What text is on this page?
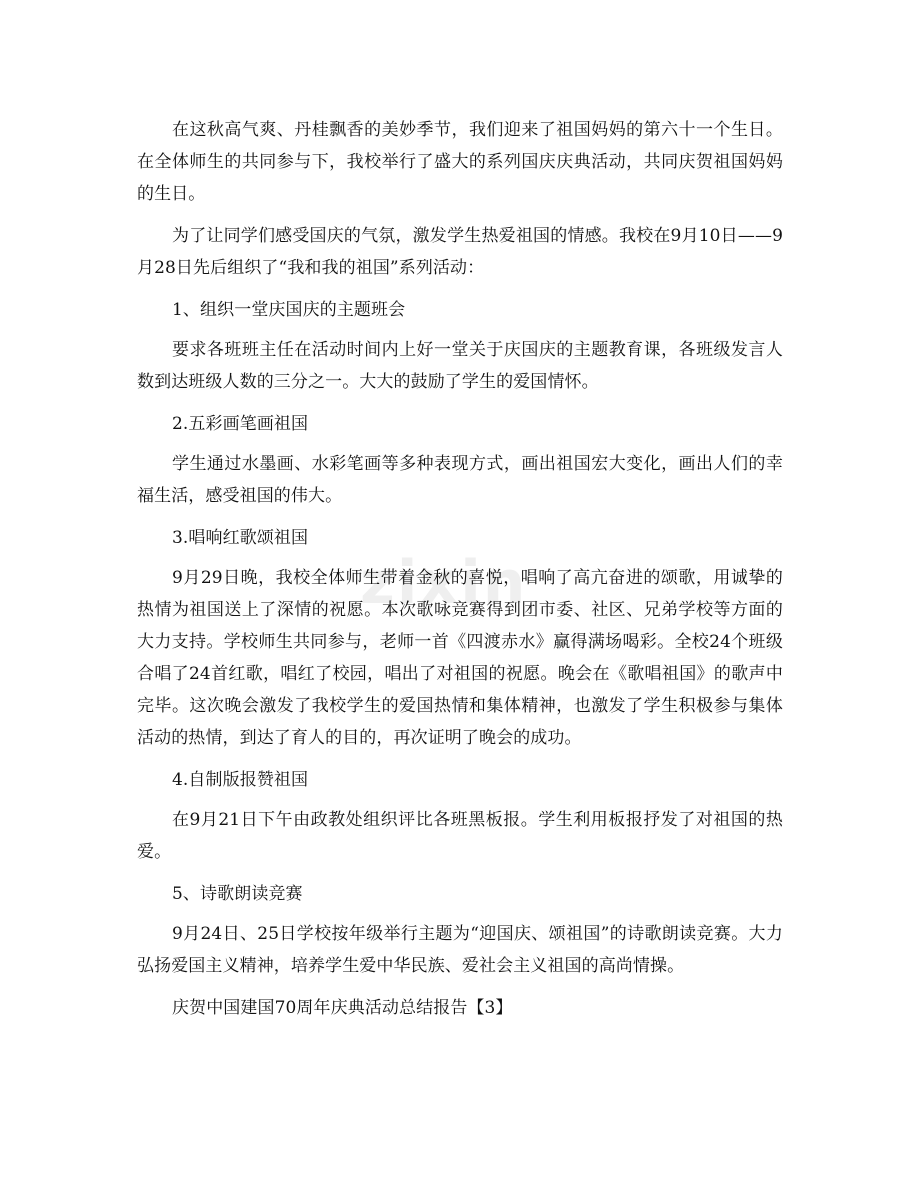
在这秋高气爽、丹桂飘香的美妙季节，我们迎来了祖国妈妈的第六十一个生日。在全体师生的共同参与下，我校举行了盛大的系列国庆庆典活动，共同庆贺祖国妈妈的生日。

为了让同学们感受国庆的气氛，激发学生热爱祖国的情感。我校在9月10日——9月28日先后组织了“我和我的祖国”系列活动：

1、组织一堂庆国庆的主题班会

要求各班班主任在活动时间内上好一堂关于庆国庆的主题教育课，各班级发言人数到达班级人数的三分之一。大大的鼓励了学生的爱国情怀。

2.五彩画笔画祖国

学生通过水墨画、水彩笔画等多种表现方式，画出祖国宏大变化，画出人们的幸福生活，感受祖国的伟大。

3.唱响红歌颂祖国

9月29日晚，我校全体师生带着金秋的喜悦，唱响了高亢奋进的颂歌，用诚挚的热情为祖国送上了深情的祝愿。本次歌咏竞赛得到团市委、社区、兄弟学校等方面的大力支持。学校师生共同参与，老师一首《四渡赤水》赢得满场喝彩。全校24个班级合唱了24首红歌，唱红了校园，唱出了对祖国的祝愿。晚会在《歌唱祖国》的歌声中完毕。这次晚会激发了我校学生的爱国热情和集体精神，也激发了学生积极参与集体活动的热情，到达了育人的目的，再次证明了晚会的成功。

4.自制版报赞祖国

在9月21日下午由政教处组织评比各班黑板报。学生利用板报抒发了对祖国的热爱。

5、诗歌朗读竞赛

9月24日、25日学校按年级举行主题为“迎国庆、颂祖国”的诗歌朗读竞赛。大力弘扬爱国主义精神，培养学生爱中华民族、爱社会主义祖国的高尚情操。

庆贺中国建国70周年庆典活动总结报告【3】

zixin
